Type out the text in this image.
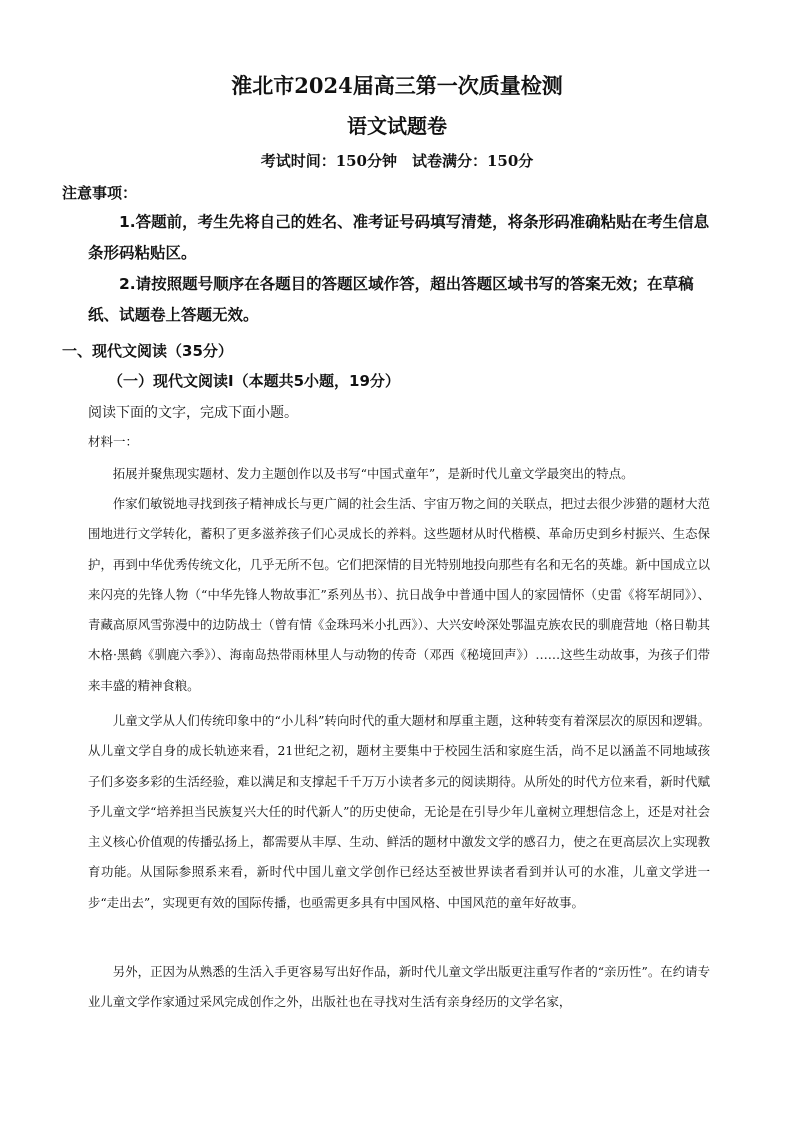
淮北市2024届高三第一次质量检测
语文试题卷
考试时间：150分钟　试卷满分：150分
注意事项：
1.答题前，考生先将自己的姓名、准考证号码填写清楚，将条形码准确粘贴在考生信息条形码粘贴区。
2.请按照题号顺序在各题目的答题区域作答，超出答题区域书写的答案无效；在草稿纸、试题卷上答题无效。
一、现代文阅读（35分）
（一）现代文阅读Ⅰ（本题共5小题，19分）
阅读下面的文字，完成下面小题。
材料一：
拓展并聚焦现实题材、发力主题创作以及书写“中国式童年”，是新时代儿童文学最突出的特点。
作家们敏锐地寻找到孩子精神成长与更广阔的社会生活、宇宙万物之间的关联点，把过去很少涉猎的题材大范围地进行文学转化，蓄积了更多滋养孩子们心灵成长的养料。这些题材从时代楷模、革命历史到乡村振兴、生态保护，再到中华优秀传统文化，几乎无所不包。它们把深情的目光特别地投向那些有名和无名的英雄。新中国成立以来闪亮的先锋人物（“中华先锋人物故事汇”系列丛书）、抗日战争中普通中国人的家园情怀（史雷《将军胡同》）、青藏高原风雪弥漫中的边防战士（曾有情《金珠玛米小扎西》）、大兴安岭深处鄂温克族农民的驯鹿营地（格日勒其木格·黑鹤《驯鹿六季》）、海南岛热带雨林里人与动物的传奇（邓西《秘境回声》）……这些生动故事，为孩子们带来丰盛的精神食粮。
儿童文学从人们传统印象中的“小儿科”转向时代的重大题材和厚重主题，这种转变有着深层次的原因和逻辑。从儿童文学自身的成长轨迹来看，21世纪之初，题材主要集中于校园生活和家庭生活，尚不足以涵盖不同地域孩子们多姿多彩的生活经验，难以满足和支撑起千千万万小读者多元的阅读期待。从所处的时代方位来看，新时代赋予儿童文学“培养担当民族复兴大任的时代新人”的历史使命，无论是在引导少年儿童树立理想信念上，还是对社会主义核心价值观的传播弘扬上，都需要从丰厚、生动、鲜活的题材中激发文学的感召力，使之在更高层次上实现教育功能。从国际参照系来看，新时代中国儿童文学创作已经达至被世界读者看到并认可的水准，儿童文学进一步“走出去”，实现更有效的国际传播，也亟需更多具有中国风格、中国风范的童年好故事。
另外，正因为从熟悉的生活入手更容易写出好作品，新时代儿童文学出版更注重写作者的“亲历性”。在约请专业儿童文学作家通过采风完成创作之外，出版社也在寻找对生活有亲身经历的文学名家，
